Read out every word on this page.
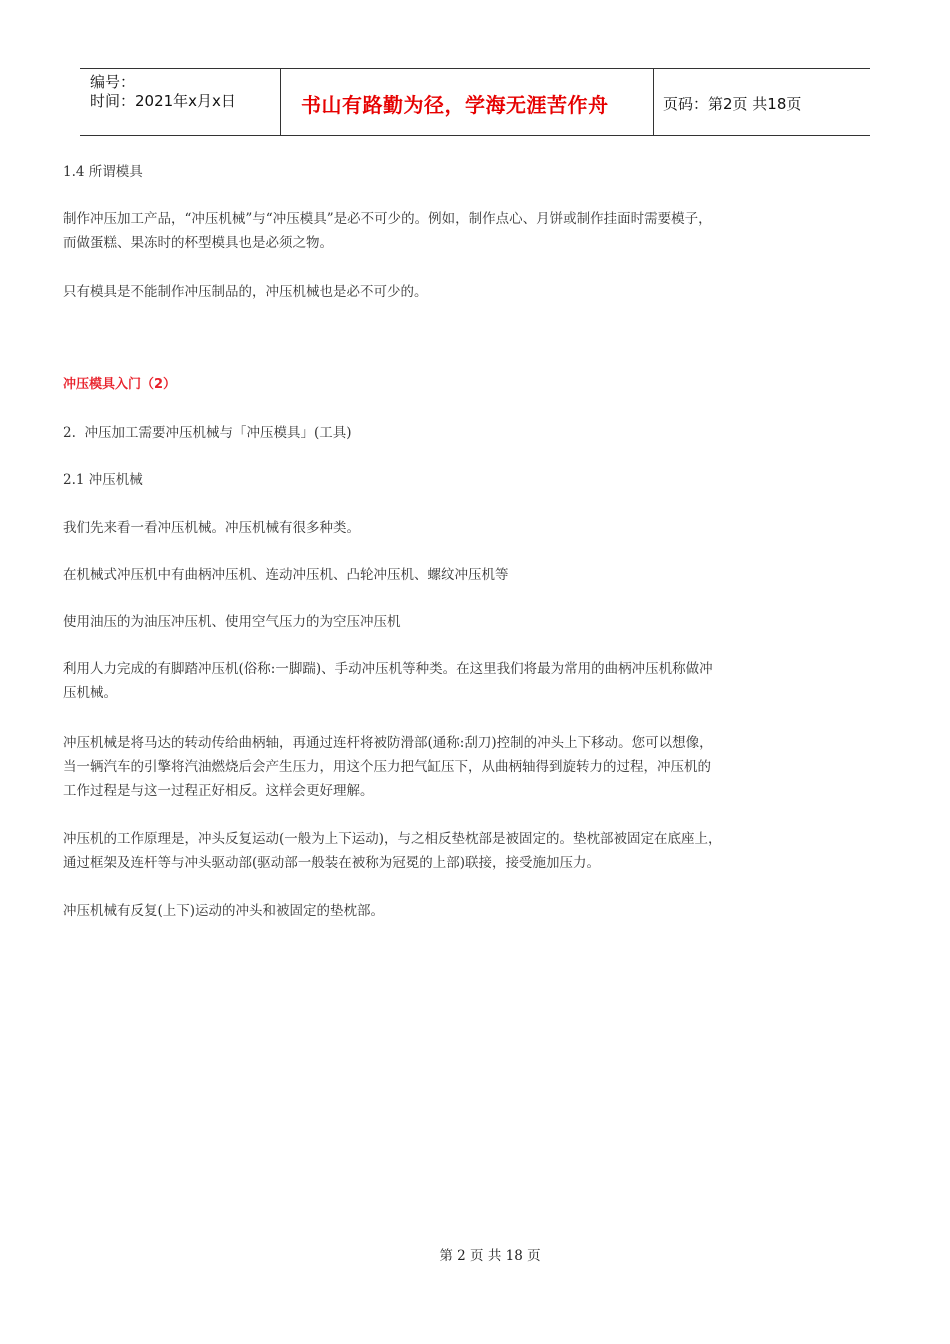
编号：
时间：2021年x月x日	书山有路勤为径，学海无涯苦作舟	页码：第2页 共18页
1.4 所谓模具
制作冲压加工产品，“冲压机械”与“冲压模具”是必不可少的。例如，制作点心、月饼或制作挂面时需要模子，而做蛋糕、果冻时的杯型模具也是必须之物。
只有模具是不能制作冲压制品的，冲压机械也是必不可少的。
冲压模具入门（2）
2.  冲压加工需要冲压机械与「冲压模具」(工具)
2.1 冲压机械
我们先来看一看冲压机械。冲压机械有很多种类。
在机械式冲压机中有曲柄冲压机、连动冲压机、凸轮冲压机、螺纹冲压机等
使用油压的为油压冲压机、使用空气压力的为空压冲压机
利用人力完成的有脚踏冲压机(俗称:一脚踹)、手动冲压机等种类。在这里我们将最为常用的曲柄冲压机称做冲压机械。
冲压机械是将马达的转动传给曲柄轴，再通过连杆将被防滑部(通称:刮刀)控制的冲头上下移动。您可以想像，当一辆汽车的引擎将汽油燃烧后会产生压力，用这个压力把气缸压下，从曲柄轴得到旋转力的过程，冲压机的工作过程是与这一过程正好相反。这样会更好理解。
冲压机的工作原理是，冲头反复运动(一般为上下运动)，与之相反垫枕部是被固定的。垫枕部被固定在底座上，通过框架及连杆等与冲头驱动部(驱动部一般装在被称为冠冕的上部)联接，接受施加压力。
冲压机械有反复(上下)运动的冲头和被固定的垫枕部。
第 2 页 共 18 页
